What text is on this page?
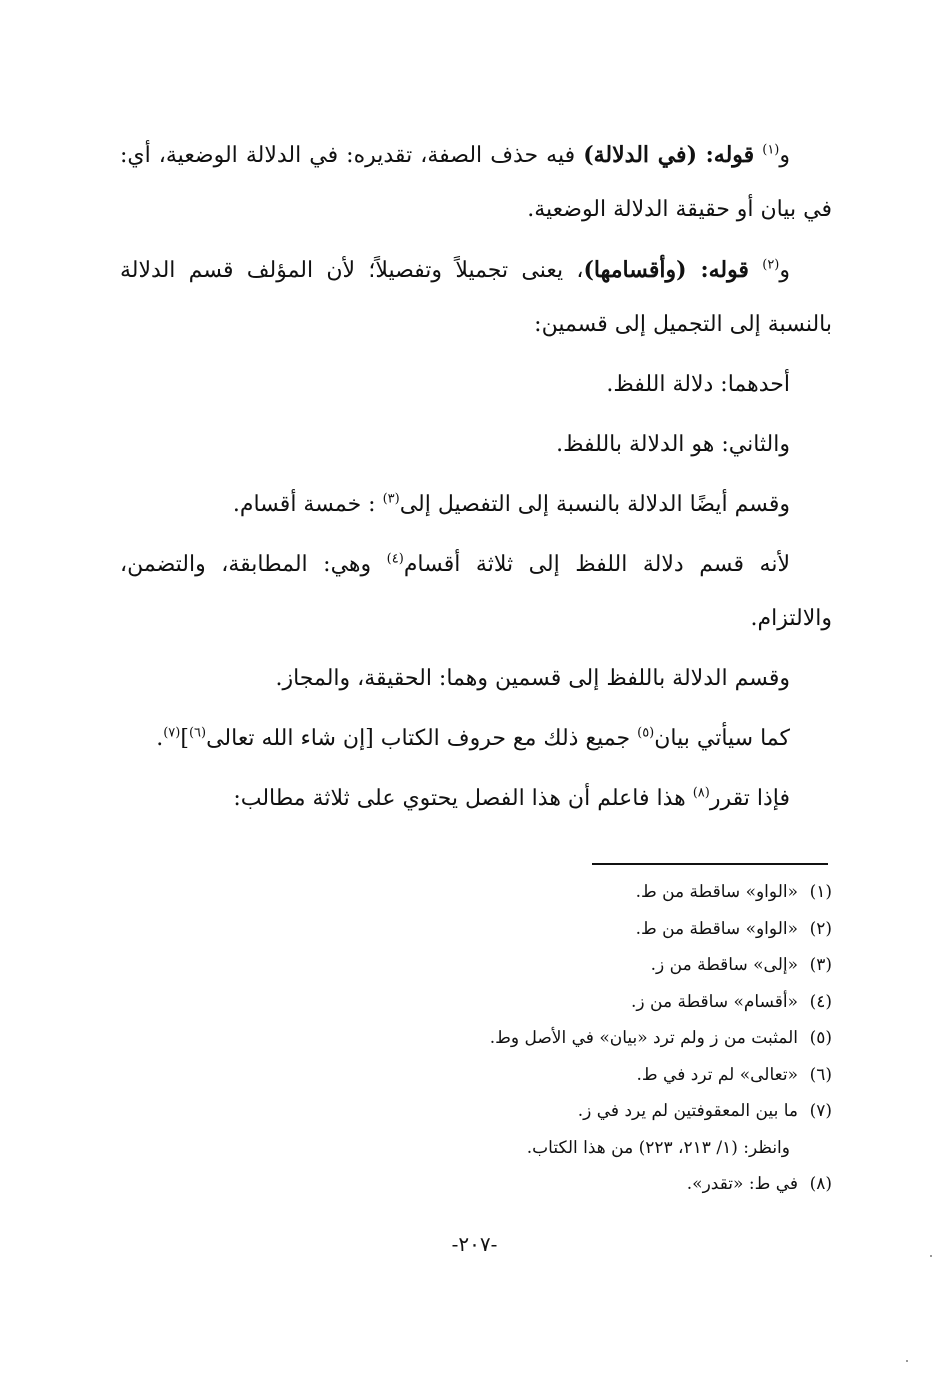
و$^{(١)}$ قوله: (في الدلالة) فيه حذف الصفة، تقديره: في الدلالة الوضعية، أي: في بيان أو حقيقة الدلالة الوضعية.

و$^{(٢)}$ قوله: (وأقسامها)، يعنى تجميلاً وتفصيلاً؛ لأن المؤلف قسم الدلالة بالنسبة إلى التجميل إلى قسمين:

أحدهما: دلالة اللفظ.

والثاني: هو الدلالة باللفظ.

وقسم أيضًا الدلالة بالنسبة إلى التفصيل إلى$^{(٣)}$ : خمسة أقسام.

لأنه قسم دلالة اللفظ إلى ثلاثة أقسام$^{(٤)}$ وهي: المطابقة، والتضمن، والالتزام.

وقسم الدلالة باللفظ إلى قسمين وهما: الحقيقة، والمجاز.

كما سيأتي بيان$^{(٥)}$ جميع ذلك مع حروف الكتاب [إن شاء الله تعالى$^{(٦)}$]$^{(٧)}$.

فإذا تقرر$^{(٨)}$ هذا فاعلم أن هذا الفصل يحتوي على ثلاثة مطالب:

(١)«الواو» ساقطة من ط.

(٢)«الواو» ساقطة من ط.

(٣)«إلى» ساقطة من ز.

(٤)«أقسام» ساقطة من ز.

(٥)المثبت من ز ولم ترد «بيان» في الأصل وط.

(٦)«تعالى» لم ترد في ط.

(٧)ما بين المعقوفتين لم يرد في ز.

وانظر: (١/ ٢١٣، ٢٢٣) من هذا الكتاب.

(٨)في ط: «تقدر».

-٢٠٧-
